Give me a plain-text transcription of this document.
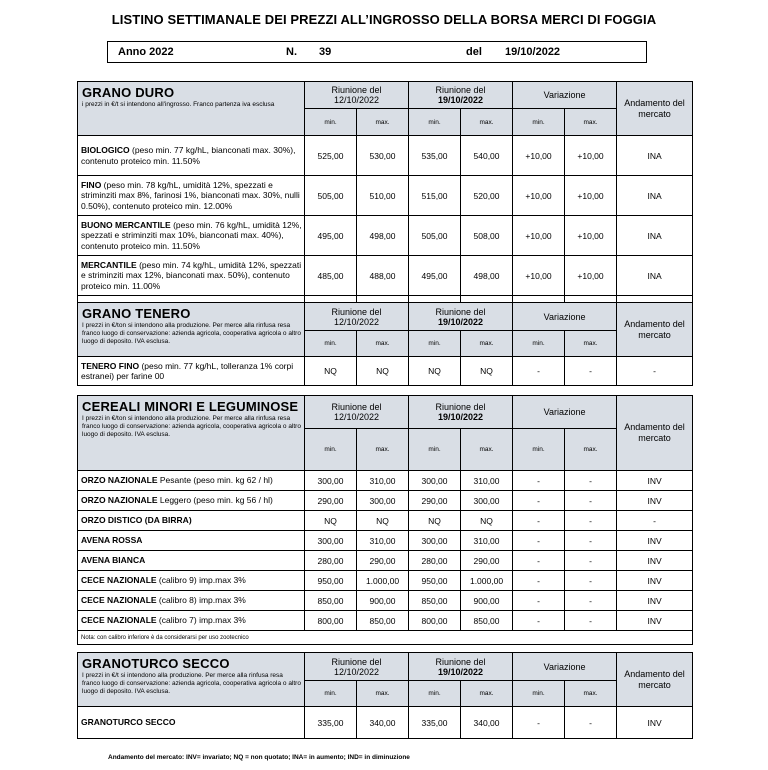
LISTINO SETTIMANALE DEI PREZZI ALL’INGROSSO DELLA BORSA MERCI DI FOGGIA
Anno 2022	N. 39	del 19/10/2022
GRANO DURO
i prezzi in €/t si intendono all'ingrosso. Franco partenza iva esclusa	Riunione del
12/10/2022		Riunione del
19/10/2022		Variazione		Andamento del mercato
	min.	max.	min.	max.	min.	max.	
BIOLOGICO (peso min. 77 kg/hL, bianconati max. 30%), contenuto proteico min. 11.50%	525,00	530,00	535,00	540,00	+10,00	+10,00	INA
FINO (peso min. 78 kg/hL, umidità 12%, spezzati e striminziti max 8%, farinosi 1%, bianconati max. 30%, nulli 0.50%), contenuto proteico min. 12.00%	505,00	510,00	515,00	520,00	+10,00	+10,00	INA
BUONO MERCANTILE (peso min. 76 kg/hL, umidità 12%, spezzati e striminziti max 10%, bianconati max. 40%), contenuto proteico min. 11.50%	495,00	498,00	505,00	508,00	+10,00	+10,00	INA
MERCANTILE (peso min. 74 kg/hL, umidità 12%, spezzati e striminziti max 12%, bianconati max. 50%), contenuto proteico min. 11.00%	485,00	488,00	495,00	498,00	+10,00	+10,00	INA

GRANO TENERO
I prezzi in €/ton si intendono alla produzione. Per merce alla rinfusa resa franco luogo di conservazione: azienda agricola, cooperativa agricola o altro luogo di deposito. IVA esclusa.	Riunione del
12/10/2022		Riunione del
19/10/2022		Variazione		Andamento del mercato
	min.	max.	min.	max.	min.	max.	
TENERO FINO (peso min. 77 kg/hL, tolleranza 1% corpi estranei) per farine 00	NQ	NQ	NQ	NQ	-	-	-
CEREALI MINORI E LEGUMINOSE
I prezzi in €/ton si intendono alla produzione. Per merce alla rinfusa resa franco luogo di conservazione: azienda agricola, cooperativa agricola o altro luogo di deposito. IVA esclusa.	Riunione del
12/10/2022		Riunione del
19/10/2022		Variazione		Andamento del mercato
	min.	max.	min.	max.	min.	max.	
ORZO NAZIONALE Pesante (peso min. kg 62 / hl)	300,00	310,00	300,00	310,00	-	-	INV
ORZO NAZIONALE Leggero (peso min. kg 56 / hl)	290,00	300,00	290,00	300,00	-	-	INV
ORZO DISTICO (DA BIRRA)	NQ	NQ	NQ	NQ	-	-	-
AVENA ROSSA	300,00	310,00	300,00	310,00	-	-	INV
AVENA BIANCA	280,00	290,00	280,00	290,00	-	-	INV
CECE NAZIONALE (calibro 9) imp.max 3%	950,00	1.000,00	950,00	1.000,00	-	-	INV
CECE NAZIONALE (calibro 8) imp.max 3%	850,00	900,00	850,00	900,00	-	-	INV
CECE NAZIONALE (calibro 7) imp.max 3%	800,00	850,00	800,00	850,00	-	-	INV
Nota: con calibro inferiore è da considerarsi per uso zootecnico							
GRANOTURCO SECCO
I prezzi in €/t si intendono alla produzione. Per merce alla rinfusa resa franco luogo di conservazione: azienda agricola, cooperativa agricola o altro luogo di deposito. IVA esclusa.	Riunione del
12/10/2022		Riunione del
19/10/2022		Variazione		Andamento del mercato
	min.	max.	min.	max.	min.	max.	
GRANOTURCO SECCO	335,00	340,00	335,00	340,00	-	-	INV
Andamento del mercato: INV= invariato; NQ = non quotato; INA= in aumento; IND= in diminuzione
